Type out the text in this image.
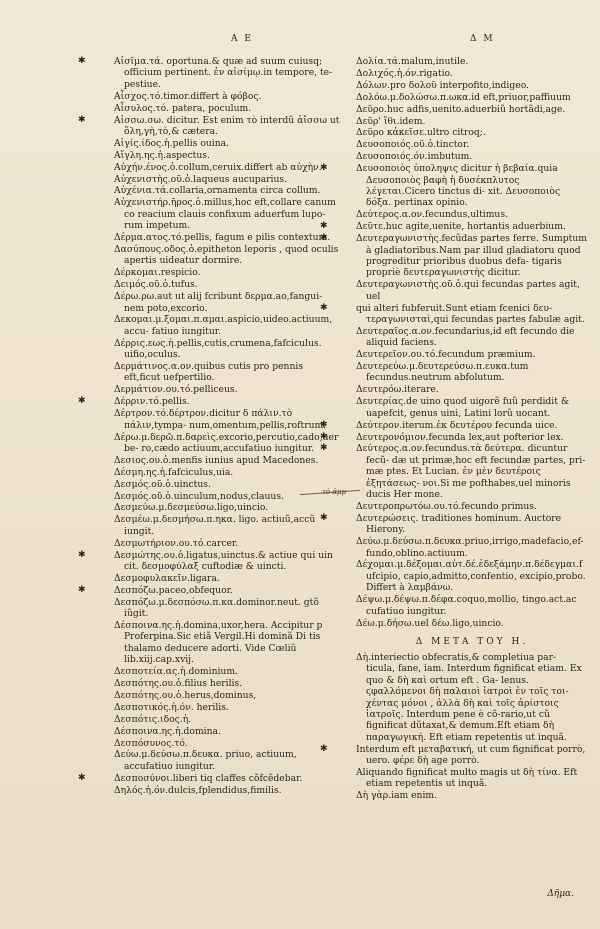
A E	Δ M
τὸ ἀμμ

✱ Αἰσῖμα.τά. oportuna.& quæ ad suum cuiusq; officium pertinent. ἐν αἰσίμῳ.in tempore, te- pestiue.

Αἶσχος.τό.timor.differt à φόβος.

Αἶσυλος.τό. patera, poculum.

✱ Αἰσσω.σω. dicitur. Est enim τὸ interdũ ἀἴσσω ut ὅλη,γὴ,τὸ,& cætera.

Αἰγίς.ίδος.ἡ.pellis ouina.

Αἴγλη.ης.ἡ.aspectus.

Αὐχήν.ένος.ὁ.collum,ceruix.differt ab αὐχὴν.

Αὐχενιστὴς.οῦ.ὁ.laqueus aucuparius.

Αὐχένια.τά.collaria,ornamenta circa collum.

Αὐχενιστήρ.ῆρος.ὁ.millus,hoc eft,collare canum co reacium clauis confixum aduerfum lupo- rum impetum.

Δέρμα.ατος.τό.pellis, fagum e pilis contextum.

Δασύπους.οδος.ὁ.epitheton leporis , quod oculis apertis uideatur dormire.

Δέρκομαι.respicio.

Δειμός.οῦ.ὁ.tufus.

Δέρω.ρω.aut ut alij fcribunt δερμα.ao,fangui- nem poto,excorio.

Δεκομαι.μ.ξομαι.π.αμαι.aspicio,uideo.actiuum, accu- fatiuo iungitur.

Δέρρις.εως.ἡ.pellis,cutis,crumena,fafciculus. uifio,oculus.

Δερμάτινος.α.ον.quibus cutis pro pennis eft,ficut uefpertilio.

Δερμάτιον.ου.τό.pelliceus.

✱ Δέρριν.τό.pellis.

Δέρτρον.τό.δέρτρον.dicitur δ πάλιν.τὸ πάλιν,tympa- num,omentum,pellis,roftrum.

Δέρω.μ.δερῶ.π.δαρεὶς.excorio,percutio,cado,uerbe- ro,cædo actiuum,accufatiuo iungitur.

Δεσιος.ου.ὁ.menfis iunius apud Macedones.

Δέσμη.ης.ἡ.fafciculus,uia.

Δεσμός.οῦ.ὁ.uinctus.

Δεσμός.οῦ.ὁ.uinculum,nodus,clauus.

Δεσμεύω.μ.δεσμεύσω.ligo,uincio.

Δεσμέω.μ.δεσμήσω.π.ηκα. ligo. actiuũ,accũ iungit.

Δεσμωτήριον.ου.τό.carcer.

✱ Δεσμώτης.ου.ὁ.ligatus,uinctus.& actiue qui uin cit. δεσμοφύλαξ cuftodiæ & uincti.

Δεσμοφυλακεῖν.ligara.

✱ Δεσπόζω.paceo,obfequor.

Δεσπόζω.μ.δεσπόσω.π.κα.dominor.neut. gtõ iũgit.

Δέσποινα.ης.ἡ.domina,uxor,hera. Accipitur p Proferpina.Sic etiã Vergil.Hi dominã Di tis thalamo deducere adorti. Vide Cœliũ lib.xiij.cap.xvij.

Δεσποτεία.ας.ἡ.dominium.

Δεσπότης.ου.ὁ.filius herilis.

Δεσπότης.ου.ὁ.herus,dominus,

Δεσποτικός.ἡ.όν. herilis.

Δεσπότις.ιδος.ἡ.

Δέσποινα.ης.ἡ.domina.

Δεσπόσυνος.τό.

Δεύω.μ.δεύσω.π.δευκα. priuo, actiuum, accufatiuo iungitur.

✱ Δεσποσύνοι.liberi tiq claffes cõfcẽdebar.

Δηλός.ἡ.όν.dulcis,fplendidus,fimilis.

Δολία.τά.malum,inutile.

Δολιχός.ἡ.όν.rigatio.

Δόλων.pro δολοῦ interpofito,indigeo.

Δολόω.μ.δολώσω.π.ωκα.id eft,priuor,paffiuum

Δεῦρο.huc adfis,uenito.aduerbiũ hortãdi,age.

Δεῦρ' ἴθι.idem.

Δεῦρο κἀκεῖσε.ultro citroq;.

Δευσοποιός.οῦ.ὁ.tinctor.

Δευσοποιός.όν.imbutum.

✱ Δευσοποιὸς ὑποληψις dicitur ἡ βεβαία.quia Δευσοποιὸς βαφὴ ἡ δυσέκπλυτος λέγεται.Cicero tinctus di- xit. Δευσοποιὸς δόξα. pertinax opinio.

Δεύτερος.α.ον.fecundus,ultimus.

✱ Δεῦτε.huc agite,uenite, hortantis aduerbium.

✱ Δευτεραγωνιστὴς.fecũdas partes ferre. Sumptum à gladiatoribus.Nam par illud gladiatoru quod progreditur prioribus duobus defa- tigaris propriè δευτεραγωνιστὴς dicitur.

Δευτεραγωνιστὴς.οῦ.ὁ.qui fecundas partes agit, uel

✱ qui alteri fubferuit.Sunt etiam fcenici δευ- τεραγωνισταὶ,qui fecundas partes fabulæ agit.

Δευτεραῖος.α.ον.fecundarius,id eft fecundo die aliquid faciens.

Δευτερεῖον.ου.τό.fecundum præmium.

Δευτερεύω.μ.δευτερεύσω.π.ευκα.tum fecundus.neutrum abfolutum.

Δευτερόω.iterare.

Δευτερίας.de uino quod uigorẽ fuũ perdidit & uapefcit, genus uini, Latini lorũ uocant.

✱ Δεύτερον.iterum.ἐκ δευτέρου fecunda uice.

✱ Δευτερονόμιον.fecunda lex,aut pofterior lex.

✱ Δεύτερος.α.ον.fecundus.τὰ δεύτερα. dicuntur fecũ- dæ ut primæ,hoc eft fecundæ partes, pri- mæ ptes. Et Lucian. ἐν μὲν δευτέροις ἐξητάσεως- νοι.Si me pofthabes,uel minoris ducis Her mone.

Δευτεροπρωτόω.ου.τό.fecundo primus.

✱ Δευτερώσεις. traditiones hominum. Auctore Hierony.

Δεύω.μ.δεύσω.π.δευκα.priuo,irrigo,madefacio,ef- fundo,oblino.actiuum.

Δέχομαι.μ.δέξομαι.αὐτ.δέ.ἐδεξάμην.π.δέδεγμαι.fufcipio, capio,admitto,confentio, excipio,probo. Differt à λαμβάνω.

Δέψω.μ.δέψω.π.δέφα.coquo,mollio, tingo.act.ac cufatiuo iungitur.

Δέω.μ.δήσω.uel δέω.ligo,uincio.

Δ ΜΕΤΑ ΤΟΥ Η.

Δὴ.interiectio obfecratis,& completiua par- ticula, fane, iam. Interdum fignificat etiam. Ex quo & δὴ καὶ ortum eft . Ga- lenus. ϛφαλλόμενοι δὴ παλαιοὶ ἰατροὶ ἐν τοῖς τοι- χέντας μόνοι , ἀλλὰ δὴ καὶ τοῖς ἀρίστοις ἰατροῖς. Interdum pene è cõ-rario,ut cũ fignificat dũtaxat,& demum.Eft etiam δὴ παραγωγική. Eft etiam repetentis ut inquã.

✱ Interdum eft μεταβατική, ut cum fignificat porrò, uero. φέρε δὴ age porrò.

Aliquando fignificat multo magis ut δὴ τίνα. Eft etiam repetentis ut inquã.

Δὴ γὰρ.iam enim.

Δῆμα.
